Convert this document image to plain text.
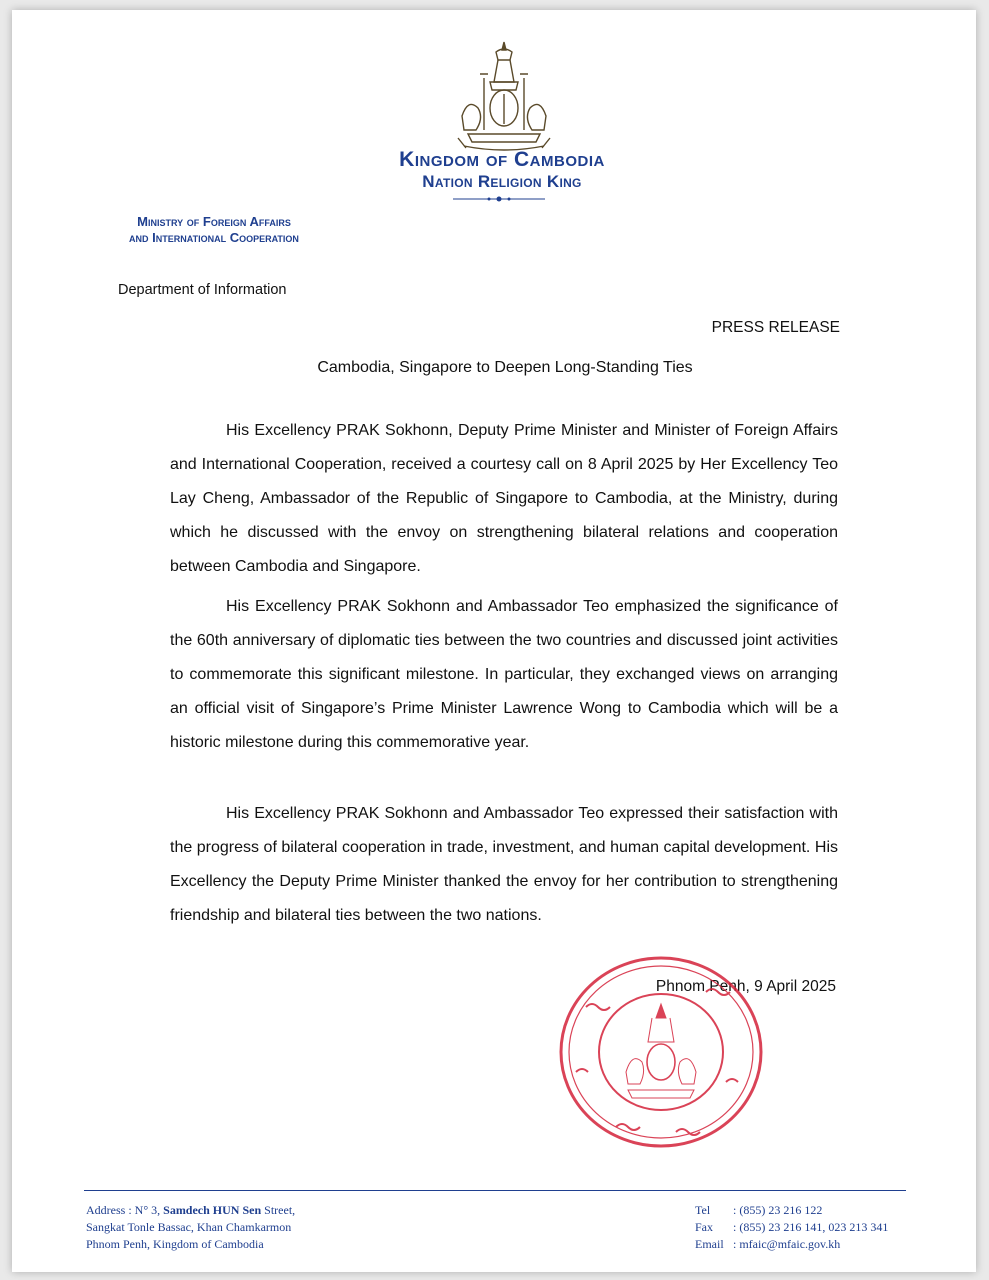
Kingdom of Cambodia
Nation Religion King
Ministry of Foreign Affairs
and International Cooperation
Department of Information
PRESS RELEASE
Cambodia, Singapore to Deepen Long-Standing Ties

His Excellency PRAK Sokhonn, Deputy Prime Minister and Minister of Foreign Affairs and International Cooperation, received a courtesy call on 8 April 2025 by Her Excellency Teo Lay Cheng, Ambassador of the Republic of Singapore to Cambodia, at the Ministry, during which he discussed with the envoy on strengthening bilateral relations and cooperation between Cambodia and Singapore.

His Excellency PRAK Sokhonn and Ambassador Teo emphasized the significance of the 60th anniversary of diplomatic ties between the two countries and discussed joint activities to commemorate this significant milestone. In particular, they exchanged views on arranging an official visit of Singapore’s Prime Minister Lawrence Wong to Cambodia which will be a historic milestone during this commemorative year.

His Excellency PRAK Sokhonn and Ambassador Teo expressed their satisfaction with the progress of bilateral cooperation in trade, investment, and human capital development. His Excellency the Deputy Prime Minister thanked the envoy for her contribution to strengthening friendship and bilateral ties between the two nations.

Phnom Penh, 9 April 2025
Address : N° 3, Samdech HUN Sen Street,
Sangkat Tonle Bassac, Khan Chamkarmon
Phnom Penh, Kingdom of Cambodia
Tel : (855) 23 216 122
Fax : (855) 23 216 141, 023 213 341
Email : mfaic@mfaic.gov.kh
